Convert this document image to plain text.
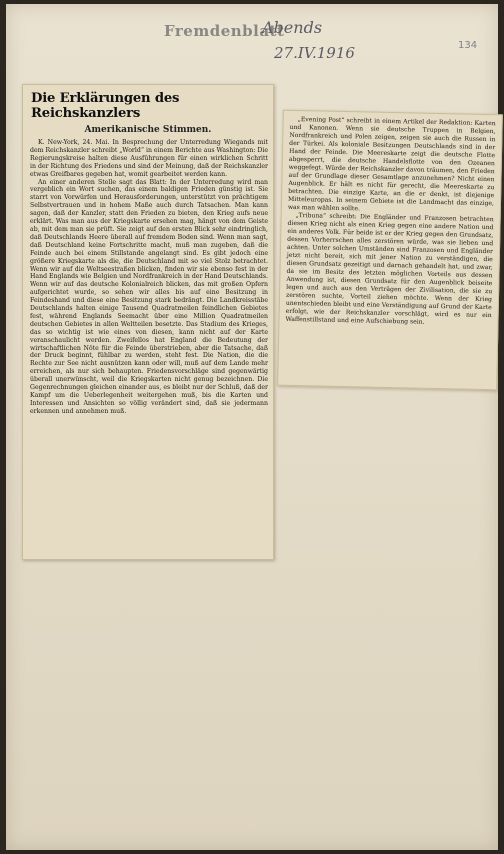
Fremdenblatt
Abends
27.IV.1916	134
Die Erklärungen des Reichskanzlers
Amerikanische Stimmen.

K. New-York, 24. Mai. In Besprechung der Unterredung Wiegands mit dem Reichskanzler schreibt „World“ in einem Berichte aus Washington: Die Regierungskreise halten diese Ausführungen für einen wirklichen Schritt in der Richtung des Friedens und sind der Meinung, daß der Reichskanzler etwas Greifbares gegeben hat, womit gearbeitet werden kann.

An einer anderen Stelle sagt das Blatt: In der Unterredung wird man vergeblich ein Wort suchen, das einem baldigen Frieden günstig ist. Sie starrt von Vorwürfen und Herausforderungen, unterstützt von prächtigem Selbstvertrauen und in hohem Maße auch durch Tatsachen. Man kann sagen, daß der Kanzler, statt den Frieden zu bieten, den Krieg aufs neue erklärt. Was man aus der Kriegskarte ersehen mag, hängt von dem Geiste ab, mit dem man sie prüft. Sie zeigt auf den ersten Blick sehr eindringlich, daß Deutschlands Heere überall auf fremdem Boden sind. Wenn man sagt, daß Deutschland keine Fortschritte macht, muß man zugeben, daß die Feinde auch bei einem Stillstande angelangt sind. Es gibt jedoch eine größere Kriegskarte als die, die Deutschland mit so viel Stolz betrachtet. Wenn wir auf die Weltseestraßen blicken, finden wir sie ebenso fest in der Hand Englands wie Belgien und Nordfrankreich in der Hand Deutschlands. Wenn wir auf das deutsche Kolonialreich blicken, das mit großen Opfern aufgerichtet wurde, so sehen wir alles bis auf eine Besitzung in Feindeshand und diese eine Besitzung stark bedrängt. Die Landkreisstäbe Deutschlands halten einige Tausend Quadratmeilen feindlichen Gebietes fest, während Englands Seemacht über eine Million Quadratmeilen deutschen Gebietes in allen Weltteilen besetzte. Das Stadium des Krieges, das so wichtig ist wie eines von diesen, kann nicht auf der Karte veranschaulicht werden. Zweifellos hat England die Bedeutung der wirtschaftlichen Nöte für die Feinde überstrieben, aber die Tatsache, daß der Druck beginnt, fühlbar zu werden, steht fest. Die Nation, die die Rechte zur See nicht ausnützen kann oder will, muß auf dem Lande mehr erreichen, als nur sich behaupten. Friedensvorschläge sind gegenwärtig überall unerwünscht, weil die Kriegskarten nicht genug bezeichnen. Die Gegenrechnungen gleichen einander aus, es bleibt nur der Schluß, daß der Kampf um die Ueberlegenheit weitergehen muß, bis die Karten und Interessen und Ansichten so völlig verändert sind, daß sie jedermann erkennen und annehmen muß.

„Evening Post“ schreibt in einem Artikel der Redaktion: Karten und Kanonen. Wenn sie deutsche Truppen in Belgien, Nordfrankreich und Polen zeigen, zeigen sie auch die Russen in der Türkei. Als koloniale Besitzungen Deutschlands sind in der Hand der Feinde. Die Meereskarte zeigt die deutsche Flotte abgesperrt, die deutsche Handelsflotte von den Ozeanen weggefegt. Würde der Reichskanzler davon träumen, den Frieden auf der Grundlage dieser Gesamtlage anzunehmen? Nicht einen Augenblick. Er hält es nicht für gerecht, die Meereskarte zu betrachten. Die einzige Karte, an die er denkt, ist diejenige Mitteleuropas. In seinem Gebiete ist die Landmacht das einzige, was man wählen sollte.

„Tribuna“ schreibt: Die Engländer und Franzosen betrachten diesen Krieg nicht als einen Krieg gegen eine andere Nation und ein anderes Volk. Für beide ist er der Krieg gegen den Grundsatz, dessen Vorherrschen alles zerstören würde, was sie lieben und achten. Unter solchen Umständen sind Franzosen und Engländer jetzt nicht bereit, sich mit jener Nation zu verständigen, die diesen Grundsatz gezeitigt und darnach gehandelt hat, und zwar, da sie im Besitz des letzten möglichen Vorteils aus dessen Anwendung ist, diesen Grundsatz für den Augenblick beiseite legen und auch aus den Verträgen der Zivilisation, die sie zu zerstören suchte, Vorteil ziehen möchte. Wenn der Krieg unentschieden bleibt und eine Verständigung auf Grund der Karte erfolgt, wie der Reichskanzler vorschlägt, wird es nur ein Waffenstillstand und eine Aufschiebung sein.
